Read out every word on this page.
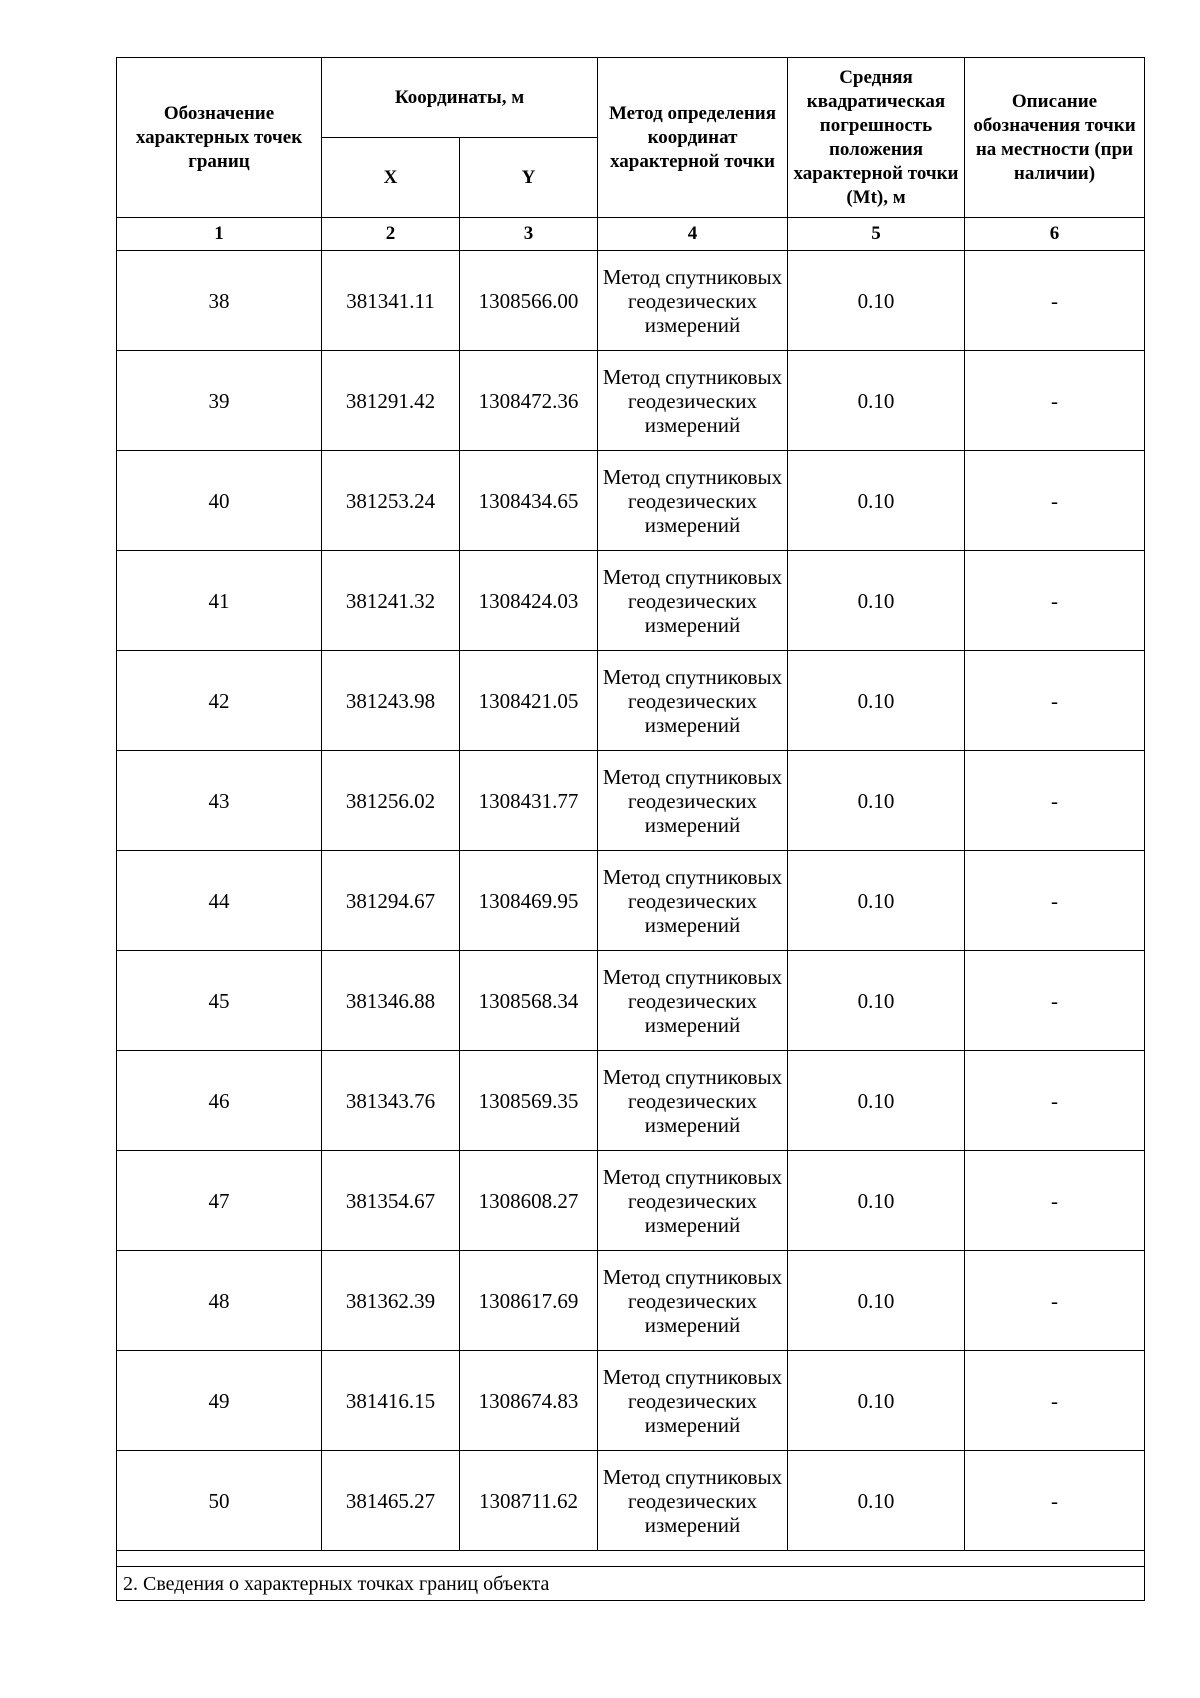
Обозначение характерных точек границ	Координаты, м		Метод определения координат характерной точки	Средняя квадратическая погрешность положения характерной точки (Mt), м	Описание обозначения точки на местности (при наличии)
	X	Y			
1	2	3	4	5	6
38	381341.11	1308566.00	Метод спутниковых геодезических измерений	0.10	-
39	381291.42	1308472.36	Метод спутниковых геодезических измерений	0.10	-
40	381253.24	1308434.65	Метод спутниковых геодезических измерений	0.10	-
41	381241.32	1308424.03	Метод спутниковых геодезических измерений	0.10	-
42	381243.98	1308421.05	Метод спутниковых геодезических измерений	0.10	-
43	381256.02	1308431.77	Метод спутниковых геодезических измерений	0.10	-
44	381294.67	1308469.95	Метод спутниковых геодезических измерений	0.10	-
45	381346.88	1308568.34	Метод спутниковых геодезических измерений	0.10	-
46	381343.76	1308569.35	Метод спутниковых геодезических измерений	0.10	-
47	381354.67	1308608.27	Метод спутниковых геодезических измерений	0.10	-
48	381362.39	1308617.69	Метод спутниковых геодезических измерений	0.10	-
49	381416.15	1308674.83	Метод спутниковых геодезических измерений	0.10	-
50	381465.27	1308711.62	Метод спутниковых геодезических измерений	0.10	-

2. Сведения о характерных точках границ объекта					
